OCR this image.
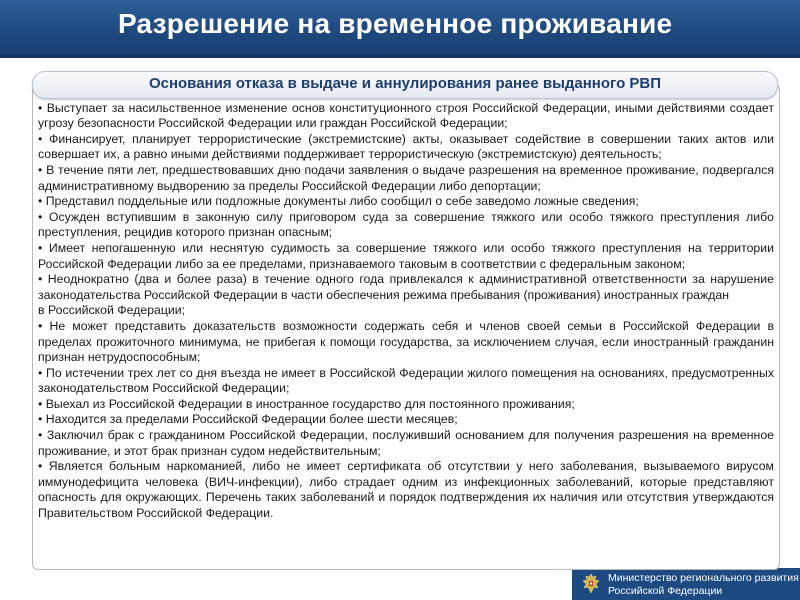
Разрешение на временное проживание
Основания отказа в выдаче и аннулирования ранее выданного РВП

• Выступает за насильственное изменение основ конституционного строя Российской Федерации, иными действиями создает угрозу безопасности Российской Федерации или граждан Российской Федерации;

• Финансирует, планирует террористические (экстремистские) акты, оказывает содействие в совершении таких актов или совершает их, а равно иными действиями поддерживает террористическую (экстремистскую) деятельность;

• В течение пяти лет, предшествовавших дню подачи заявления о выдаче разрешения на временное проживание, подвергался административному выдворению за пределы Российской Федерации либо депортации;

• Представил поддельные или подложные документы либо сообщил о себе заведомо ложные сведения;

• Осужден вступившим в законную силу приговором суда за совершение тяжкого или особо тяжкого преступления либо преступления, рецидив которого признан опасным;

• Имеет непогашенную или неснятую судимость за совершение тяжкого или особо тяжкого преступления на территории Российской Федерации либо за ее пределами, признаваемого таковым в соответствии с федеральным законом;

• Неоднократно (два и более раза) в течение одного года привлекался к административной ответственности за нарушение законодательства Российской Федерации в части обеспечения режима пребывания (проживания) иностранных граждан

в Российской Федерации;

• Не может представить доказательств возможности содержать себя и членов своей семьи в Российской Федерации в пределах прожиточного минимума, не прибегая к помощи государства, за исключением случая, если иностранный гражданин признан нетрудоспособным;

• По истечении трех лет со дня въезда не имеет в Российской Федерации жилого помещения на основаниях, предусмотренных законодательством Российской Федерации;

• Выехал из Российской Федерации в иностранное государство для постоянного проживания;

• Находится за пределами Российской Федерации более шести месяцев;

• Заключил брак с гражданином Российской Федерации, послуживший основанием для получения разрешения на временное проживание, и этот брак признан судом недействительным;

• Является больным наркоманией, либо не имеет сертификата об отсутствии у него заболевания, вызываемого вирусом иммунодефицита человека (ВИЧ-инфекции), либо страдает одним из инфекционных заболеваний, которые представляют опасность для окружающих. Перечень таких заболеваний и порядок подтверждения их наличия или отсутствия утверждаются Правительством Российской Федерации.

Министерство регионального развития
Российской Федерации
